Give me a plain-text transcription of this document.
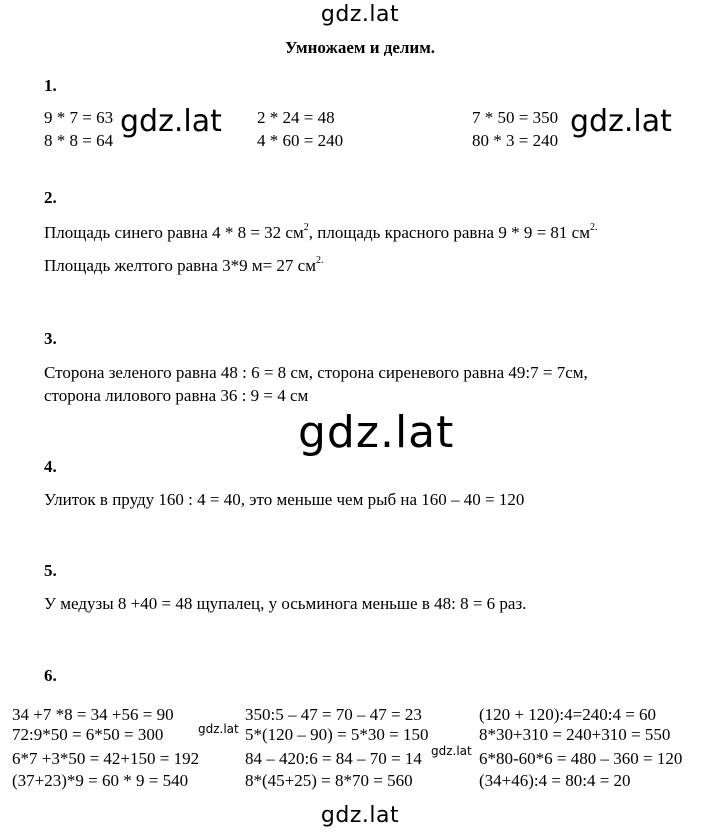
gdz.lat
Умножаем и делим.
1.
9 * 7 = 63
8 * 8 = 64
2 * 24 = 48
4 * 60 = 240
7 * 50 = 350
80 * 3 = 240
gdz.lat	gdz.lat
2.
Площадь синего равна 4 * 8 = 32 $см^2$, площадь красного равна 9 * 9 = 81 $см^{2.}$
Площадь желтого равна 3*9 м= 27 $см^{2.}$
3.
Сторона зеленого равна 48 : 6 = 8 см, сторона сиреневого равна 49:7 = 7см,
сторона лилового равна 36 : 9 = 4 см
gdz.lat
4.
Улиток в пруду 160 : 4 = 40, это меньше чем рыб на 160 – 40 = 120
5.
У медузы 8 +40 = 48 щупалец, у осьминога меньше в 48: 8 = 6 раз.
6.
34 +7 *8 = 34 +56 = 90
72:9*50 = 6*50 = 300
6*7 +3*50 = 42+150 = 192
(37+23)*9 = 60 * 9 = 540
350:5 – 47 = 70 – 47 = 23
5*(120 – 90) = 5*30 = 150
84 – 420:6 = 84 – 70 = 14
8*(45+25) = 8*70 = 560
(120 + 120):4=240:4 = 60
8*30+310 = 240+310 = 550
6*80-60*6 = 480 – 360 = 120
(34+46):4 = 80:4 = 20
gdz.lat
gdz.lat
gdz.lat
